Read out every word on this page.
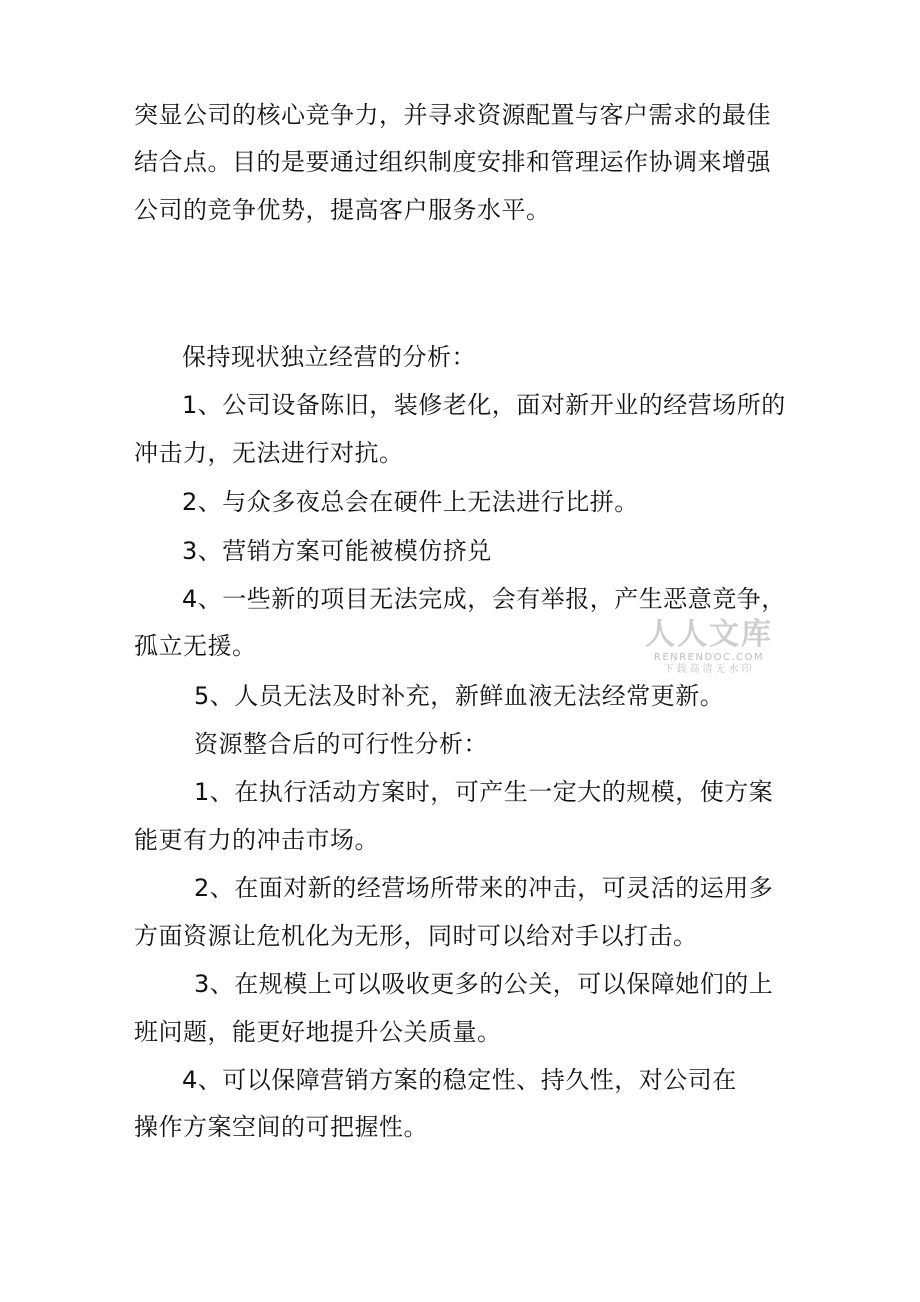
突显公司的核心竞争力，并寻求资源配置与客户需求的最佳
结合点。目的是要通过组织制度安排和管理运作协调来增强
公司的竞争优势，提高客户服务水平。
保持现状独立经营的分析：
1、公司设备陈旧，装修老化，面对新开业的经营场所的
冲击力，无法进行对抗。
2、与众多夜总会在硬件上无法进行比拼。
3、营销方案可能被模仿挤兑
4、一些新的项目无法完成，会有举报，产生恶意竞争，
孤立无援。
5、人员无法及时补充，新鲜血液无法经常更新。
资源整合后的可行性分析：
1、在执行活动方案时，可产生一定大的规模，使方案
能更有力的冲击市场。
2、在面对新的经营场所带来的冲击，可灵活的运用多
方面资源让危机化为无形，同时可以给对手以打击。
3、在规模上可以吸收更多的公关，可以保障她们的上
班问题，能更好地提升公关质量。
4、可以保障营销方案的稳定性、持久性，对公司在
操作方案空间的可把握性。
人人文库
RENRENDOC.COM
下载高清无水印
